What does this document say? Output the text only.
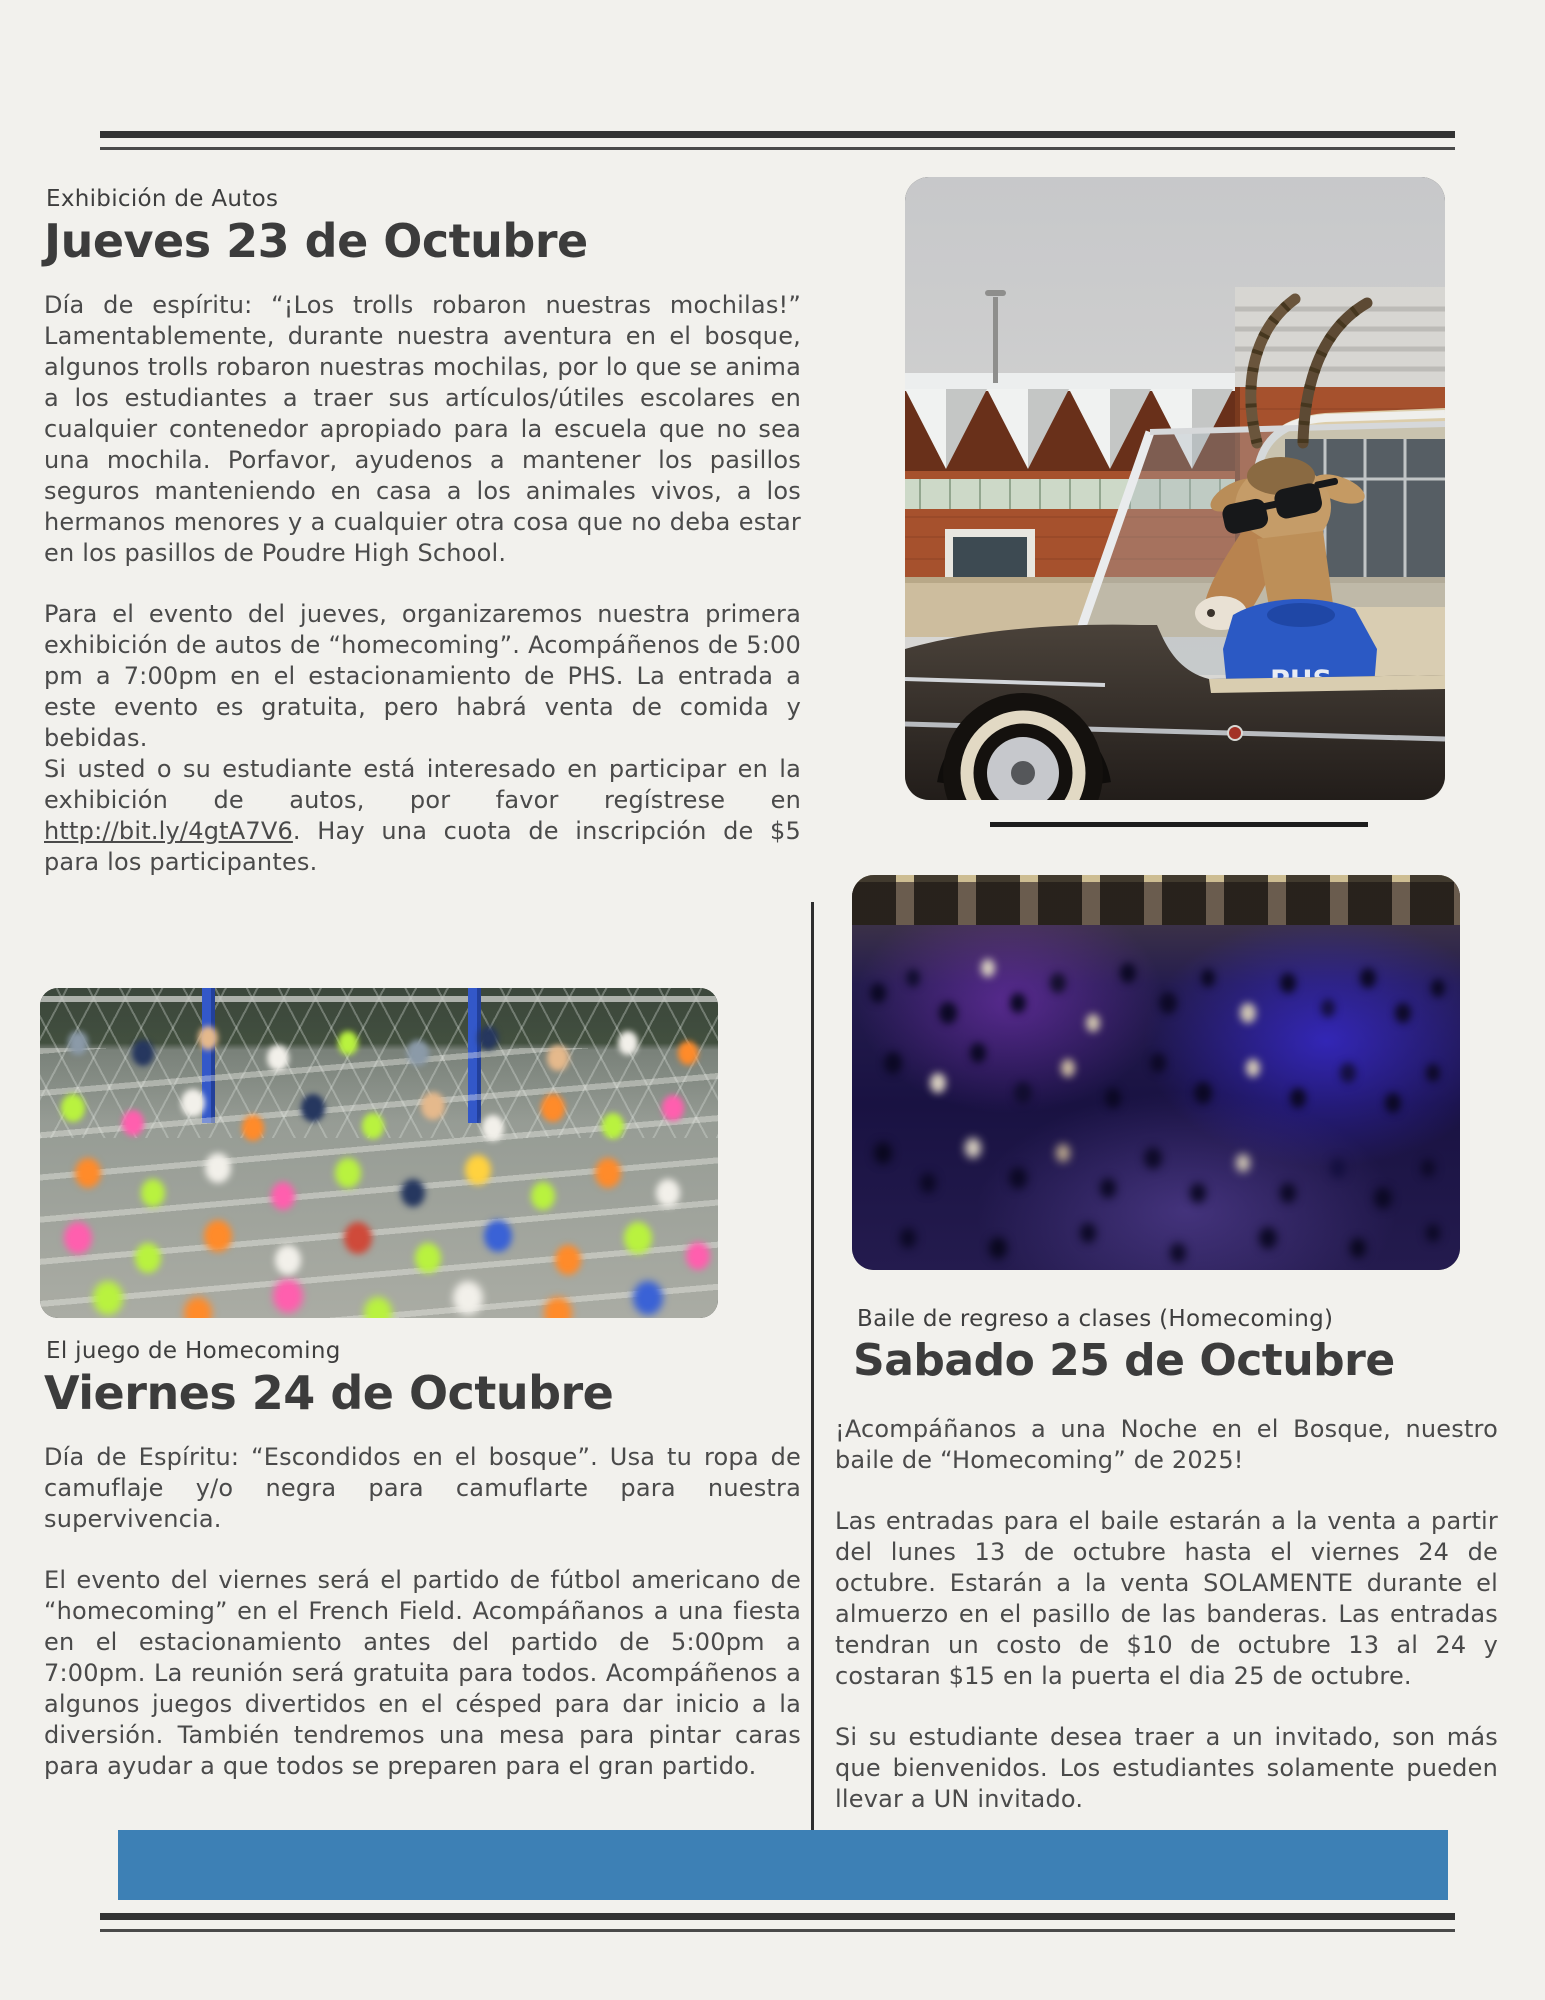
Exhibición de Autos
Jueves 23 de Octubre

Día de espíritu: “¡Los trolls robaron nuestras mochilas!” Lamentablemente, durante nuestra aventura en el bosque, algunos trolls robaron nuestras mochilas, por lo que se anima a los estudiantes a traer sus artículos/útiles escolares en cualquier contenedor apropiado para la escuela que no sea una mochila. Porfavor, ayudenos a mantener los pasillos seguros manteniendo en casa a los animales vivos, a los hermanos menores y a cualquier otra cosa que no deba estar en los pasillos de Poudre High School.

Para el evento del jueves, organizaremos nuestra primera exhibición de autos de “homecoming”. Acompáñenos de 5:00 pm a 7:00pm en el estacionamiento de PHS. La entrada a este evento es gratuita, pero habrá venta de comida y bebidas.

Si usted o su estudiante está interesado en participar en la exhibición de autos, por favor regístrese en http://bit.ly/4gtA7V6. Hay una cuota de inscripción de $5 para los participantes.

El juego de Homecoming
Viernes 24 de Octubre

Día de Espíritu: “Escondidos en el bosque”. Usa tu ropa de camuflaje y/o negra para camuflarte para nuestra supervivencia.

El evento del viernes será el partido de fútbol americano de “homecoming” en el French Field. Acompáñanos a una fiesta en el estacionamiento antes del partido de 5:00pm a 7:00pm. La reunión será gratuita para todos. Acompáñenos a algunos juegos divertidos en el césped para dar inicio a la diversión. También tendremos una mesa para pintar caras para ayudar a que todos se preparen para el gran partido.

Baile de regreso a clases (Homecoming)
Sabado 25 de Octubre

¡Acompáñanos a una Noche en el Bosque, nuestro baile de “Homecoming” de 2025!

Las entradas para el baile estarán a la venta a partir del lunes 13 de octubre hasta el viernes 24 de octubre. Estarán a la venta SOLAMENTE durante el almuerzo en el pasillo de las banderas. Las entradas tendran un costo de $10 de octubre 13 al 24 y costaran $15 en la puerta el dia 25 de octubre.

Si su estudiante desea traer a un invitado, son más que bienvenidos. Los estudiantes solamente pueden llevar a UN invitado.
